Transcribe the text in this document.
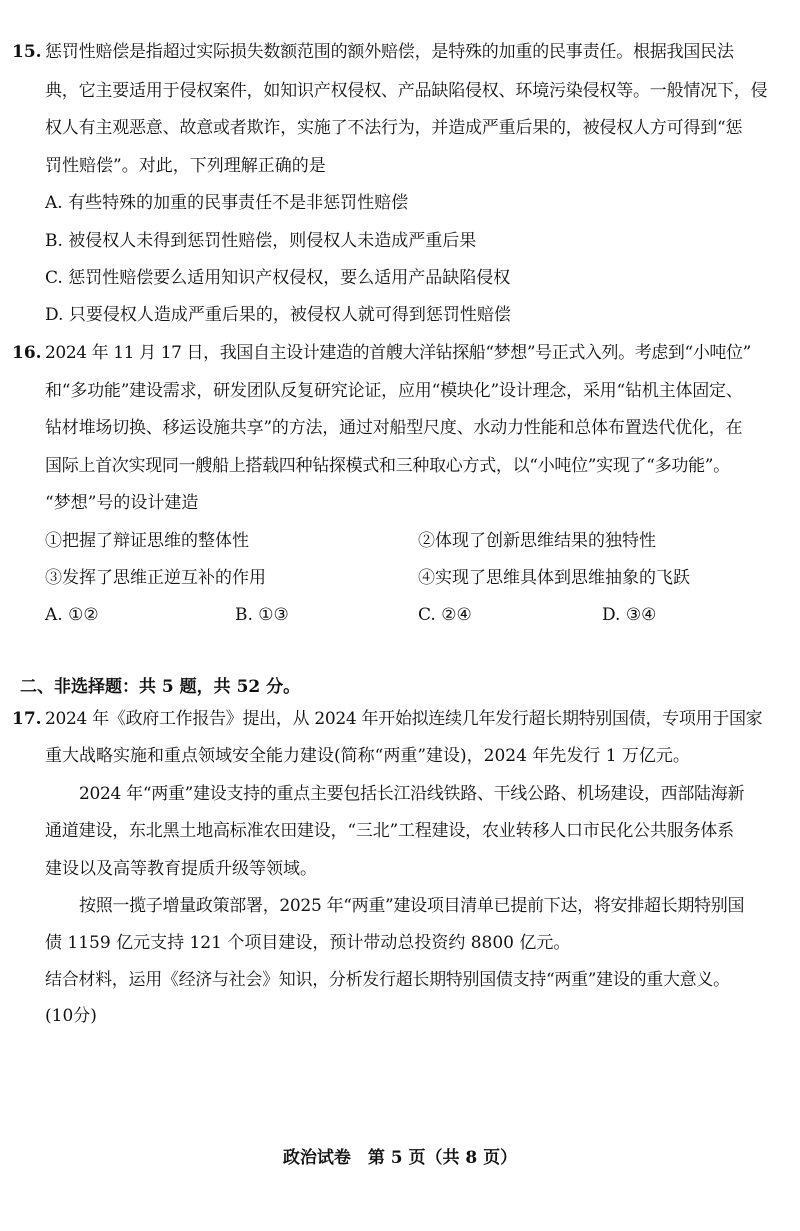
15. 惩罚性赔偿是指超过实际损失数额范围的额外赔偿，是特殊的加重的民事责任。根据我国民法
典，它主要适用于侵权案件，如知识产权侵权、产品缺陷侵权、环境污染侵权等。一般情况下，侵
权人有主观恶意、故意或者欺诈，实施了不法行为，并造成严重后果的，被侵权人方可得到“惩
罚性赔偿”。对此，下列理解正确的是
A. 有些特殊的加重的民事责任不是非惩罚性赔偿
B. 被侵权人未得到惩罚性赔偿，则侵权人未造成严重后果
C. 惩罚性赔偿要么适用知识产权侵权，要么适用产品缺陷侵权
D. 只要侵权人造成严重后果的，被侵权人就可得到惩罚性赔偿
16. 2024 年 11 月 17 日，我国自主设计建造的首艘大洋钻探船“梦想”号正式入列。考虑到“小吨位”
和“多功能”建设需求，研发团队反复研究论证，应用“模块化”设计理念，采用“钻机主体固定、
钻材堆场切换、移运设施共享”的方法，通过对船型尺度、水动力性能和总体布置迭代优化，在
国际上首次实现同一艘船上搭载四种钻探模式和三种取心方式，以“小吨位”实现了“多功能”。
“梦想”号的设计建造
①把握了辩证思维的整体性	②体现了创新思维结果的独特性
③发挥了思维正逆互补的作用	④实现了思维具体到思维抽象的飞跃
A. ①②	B. ①③	C. ②④	D. ③④
二、非选择题：共 5 题，共 52 分。
17. 2024 年《政府工作报告》提出，从 2024 年开始拟连续几年发行超长期特别国债，专项用于国家
重大战略实施和重点领域安全能力建设(简称“两重”建设)，2024 年先发行 1 万亿元。
2024 年“两重”建设支持的重点主要包括长江沿线铁路、干线公路、机场建设，西部陆海新
通道建设，东北黑土地高标准农田建设，“三北”工程建设，农业转移人口市民化公共服务体系
建设以及高等教育提质升级等领域。
按照一揽子增量政策部署，2025 年“两重”建设项目清单已提前下达，将安排超长期特别国
债 1159 亿元支持 121 个项目建设，预计带动总投资约 8800 亿元。
结合材料，运用《经济与社会》知识，分析发行超长期特别国债支持“两重”建设的重大意义。
(10分)
政治试卷　第 5 页（共 8 页）
